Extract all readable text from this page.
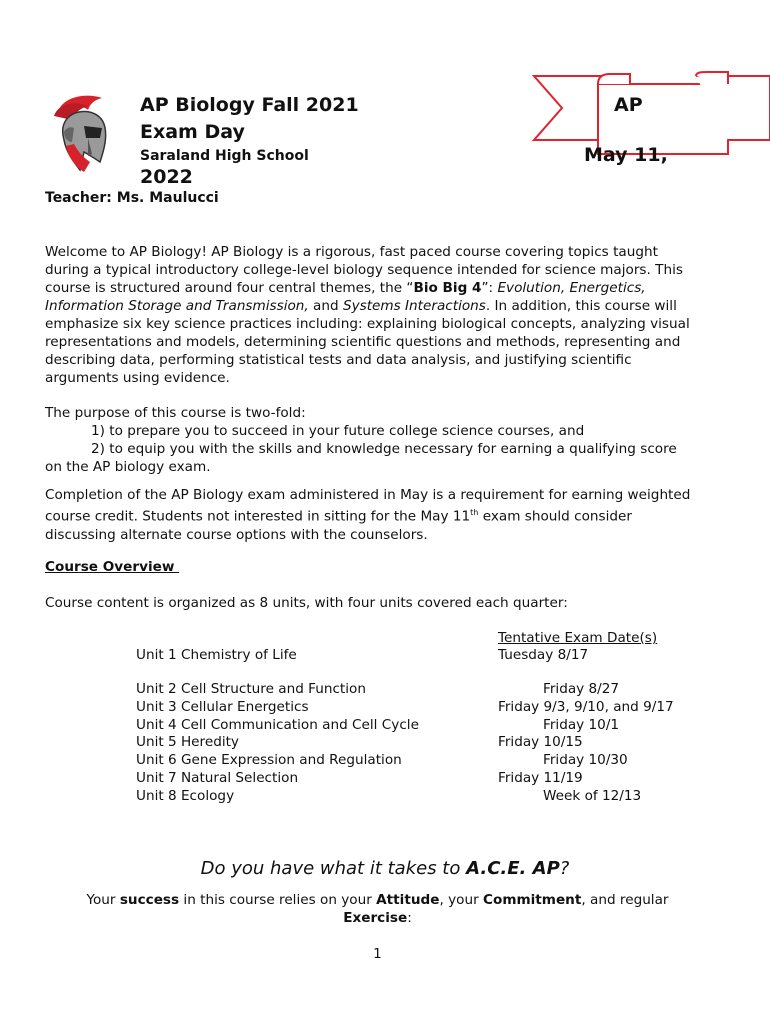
AP Biology Fall 2021
Exam Day
Saraland High School
2022
AP
May 11,
Teacher: Ms. Maulucci
Welcome to AP Biology! AP Biology is a rigorous, fast paced course covering topics taught
during a typical introductory college-level biology sequence intended for science majors. This
course is structured around four central themes, the “Bio Big 4”: Evolution, Energetics,
Information Storage and Transmission, and Systems Interactions. In addition, this course will
emphasize six key science practices including: explaining biological concepts, analyzing visual
representations and models, determining scientific questions and methods, representing and
describing data, performing statistical tests and data analysis, and justifying scientific
arguments using evidence.
The purpose of this course is two-fold:
1) to prepare you to succeed in your future college science courses, and
2) to equip you with the skills and knowledge necessary for earning a qualifying score
on the AP biology exam.
Completion of the AP Biology exam administered in May is a requirement for earning weighted
course credit. Students not interested in sitting for the May 11th exam should consider
discussing alternate course options with the counselors.
Course Overview
Course content is organized as 8 units, with four units covered each quarter:
Tentative Exam Date(s)
Unit 1 Chemistry of Life	Tuesday 8/17
Unit 2 Cell Structure and Function	Friday 8/27
Unit 3 Cellular Energetics	Friday 9/3, 9/10, and 9/17
Unit 4 Cell Communication and Cell Cycle	Friday 10/1
Unit 5 Heredity	Friday 10/15
Unit 6 Gene Expression and Regulation	Friday 10/30
Unit 7 Natural Selection	Friday 11/19
Unit 8 Ecology	Week of 12/13
Do you have what it takes to A.C.E. AP?
Your success in this course relies on your Attitude, your Commitment, and regular
Exercise:
1
